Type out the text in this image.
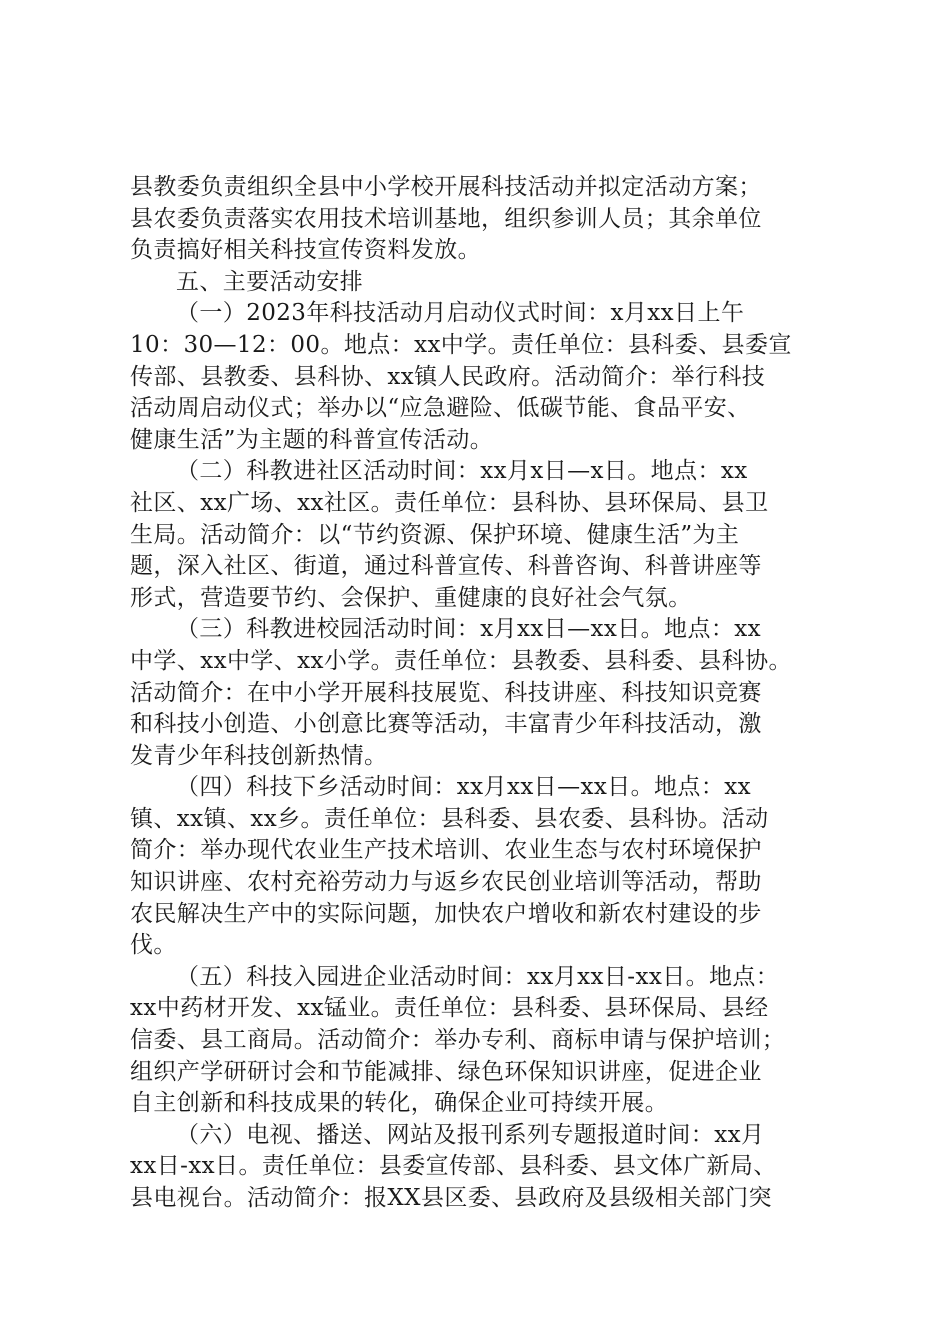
县教委负责组织全县中小学校开展科技活动并拟定活动方案；
县农委负责落实农用技术培训基地，组织参训人员；其余单位
负责搞好相关科技宣传资料发放。
五、主要活动安排
（一）2023年科技活动月启动仪式时间：x月xx日上午
10：30—12：00。地点：xx中学。责任单位：县科委、县委宣
传部、县教委、县科协、xx镇人民政府。活动简介：举行科技
活动周启动仪式；举办以“应急避险、低碳节能、食品平安、
健康生活”为主题的科普宣传活动。
（二）科教进社区活动时间：xx月x日—x日。地点：xx
社区、xx广场、xx社区。责任单位：县科协、县环保局、县卫
生局。活动简介：以“节约资源、保护环境、健康生活”为主
题，深入社区、街道，通过科普宣传、科普咨询、科普讲座等
形式，营造要节约、会保护、重健康的良好社会气氛。
（三）科教进校园活动时间：x月xx日—xx日。地点：xx
中学、xx中学、xx小学。责任单位：县教委、县科委、县科协。
活动简介：在中小学开展科技展览、科技讲座、科技知识竞赛
和科技小创造、小创意比赛等活动，丰富青少年科技活动，激
发青少年科技创新热情。
（四）科技下乡活动时间：xx月xx日—xx日。地点：xx
镇、xx镇、xx乡。责任单位：县科委、县农委、县科协。活动
简介：举办现代农业生产技术培训、农业生态与农村环境保护
知识讲座、农村充裕劳动力与返乡农民创业培训等活动，帮助
农民解决生产中的实际问题，加快农户增收和新农村建设的步
伐。
（五）科技入园进企业活动时间：xx月xx日-xx日。地点：
xx中药材开发、xx锰业。责任单位：县科委、县环保局、县经
信委、县工商局。活动简介：举办专利、商标申请与保护培训；
组织产学研研讨会和节能减排、绿色环保知识讲座，促进企业
自主创新和科技成果的转化，确保企业可持续开展。
（六）电视、播送、网站及报刊系列专题报道时间：xx月
xx日-xx日。责任单位：县委宣传部、县科委、县文体广新局、
县电视台。活动简介：报XX县区委、县政府及县级相关部门突
